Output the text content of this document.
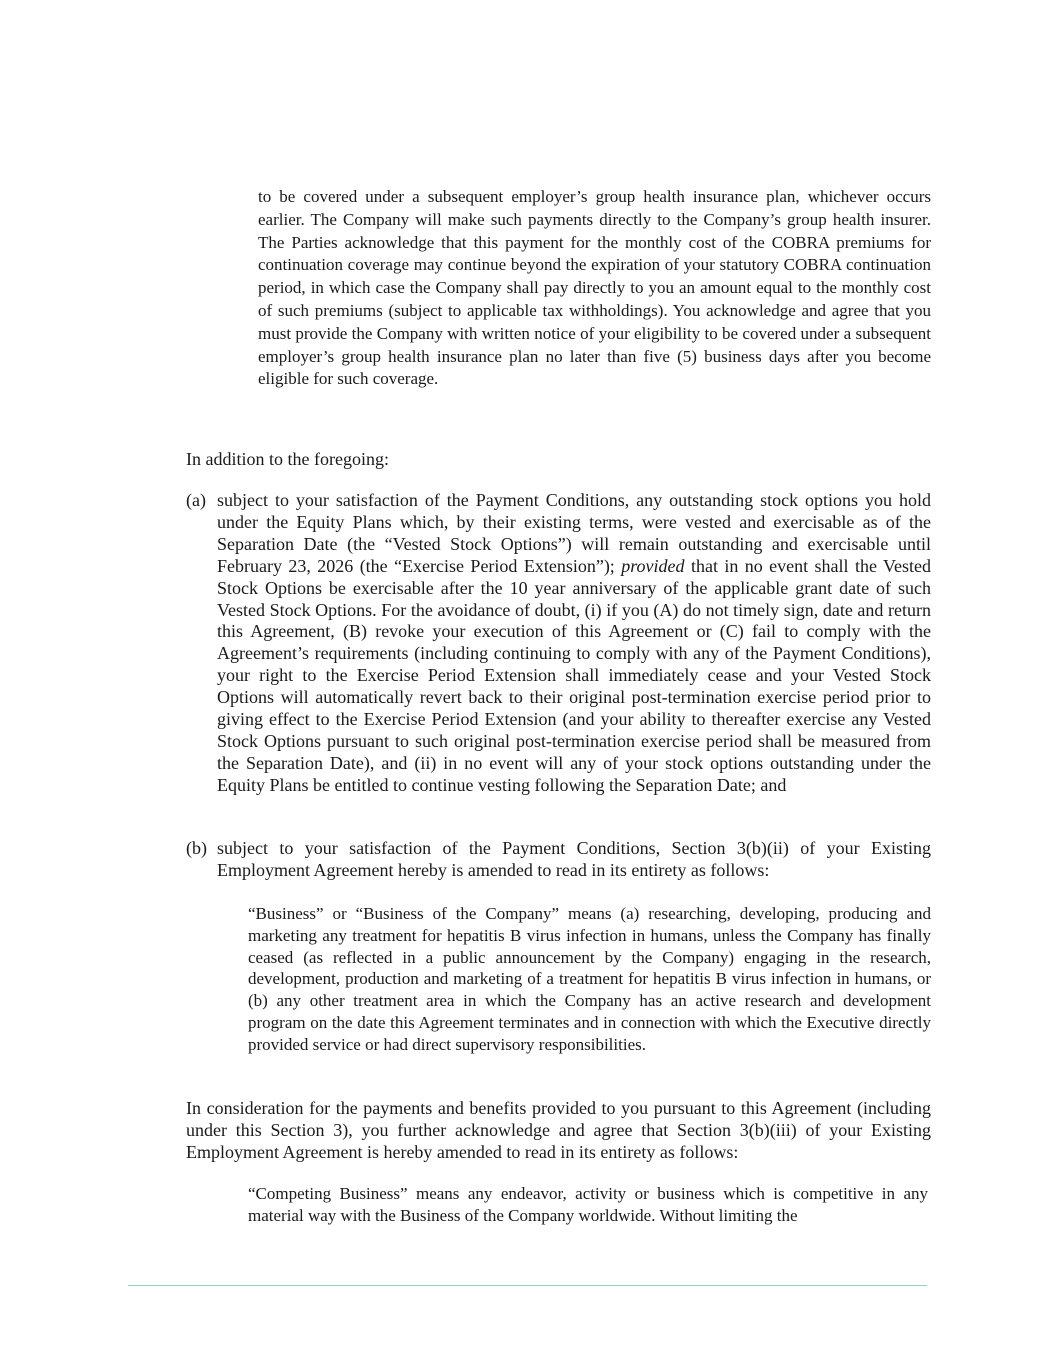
to be covered under a subsequent employer’s group health insurance plan, whichever occurs earlier. The Company will make such payments directly to the Company’s group health insurer. The Parties acknowledge that this payment for the monthly cost of the COBRA premiums for continuation coverage may continue beyond the expiration of your statutory COBRA continuation period, in which case the Company shall pay directly to you an amount equal to the monthly cost of such premiums (subject to applicable tax withholdings). You acknowledge and agree that you must provide the Company with written notice of your eligibility to be covered under a subsequent employer’s group health insurance plan no later than five (5) business days after you become eligible for such coverage.

In addition to the foregoing:

(a) subject to your satisfaction of the Payment Conditions, any outstanding stock options you hold under the Equity Plans which, by their existing terms, were vested and exercisable as of the Separation Date (the “Vested Stock Options”) will remain outstanding and exercisable until February 23, 2026 (the “Exercise Period Extension”); provided that in no event shall the Vested Stock Options be exercisable after the 10 year anniversary of the applicable grant date of such Vested Stock Options. For the avoidance of doubt, (i) if you (A) do not timely sign, date and return this Agreement, (B) revoke your execution of this Agreement or (C) fail to comply with the Agreement’s requirements (including continuing to comply with any of the Payment Conditions), your right to the Exercise Period Extension shall immediately cease and your Vested Stock Options will automatically revert back to their original post-termination exercise period prior to giving effect to the Exercise Period Extension (and your ability to thereafter exercise any Vested Stock Options pursuant to such original post-termination exercise period shall be measured from the Separation Date), and (ii) in no event will any of your stock options outstanding under the Equity Plans be entitled to continue vesting following the Separation Date; and

(b) subject to your satisfaction of the Payment Conditions, Section 3(b)(ii) of your Existing Employment Agreement hereby is amended to read in its entirety as follows:

“Business” or “Business of the Company” means (a) researching, developing, producing and marketing any treatment for hepatitis B virus infection in humans, unless the Company has finally ceased (as reflected in a public announcement by the Company) engaging in the research, development, production and marketing of a treatment for hepatitis B virus infection in humans, or (b) any other treatment area in which the Company has an active research and development program on the date this Agreement terminates and in connection with which the Executive directly provided service or had direct supervisory responsibilities.

In consideration for the payments and benefits provided to you pursuant to this Agreement (including under this Section 3), you further acknowledge and agree that Section 3(b)(iii) of your Existing Employment Agreement is hereby amended to read in its entirety as follows:

“Competing Business” means any endeavor, activity or business which is competitive in any material way with the Business of the Company worldwide. Without limiting the
